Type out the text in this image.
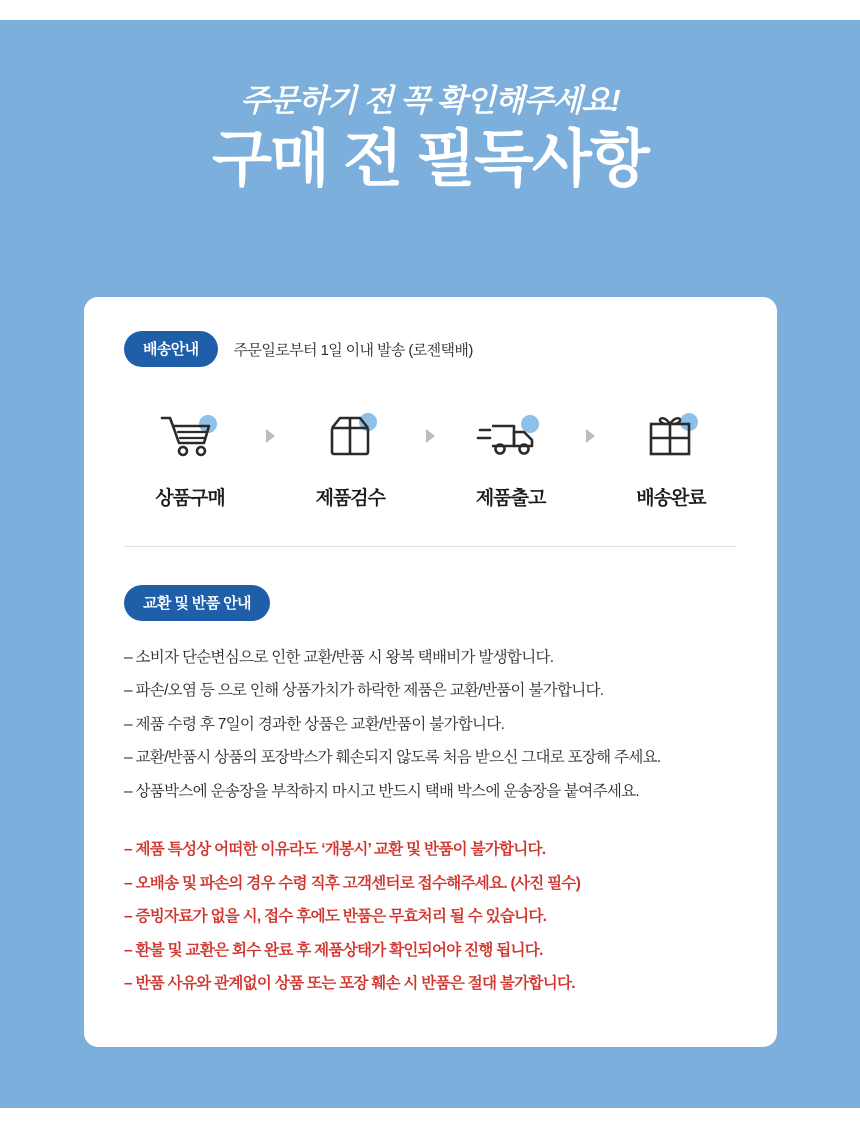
주문하기 전 꼭 확인해주세요!
구매 전 필독사항
배송안내	주문일로부터 1일 이내 발송 (로젠택배)
상품구매	제품검수	제품출고	배송완료
교환 및 반품 안내
– 소비자 단순변심으로 인한 교환/반품 시 왕복 택배비가 발생합니다.
– 파손/오염 등 으로 인해 상품가치가 하락한 제품은 교환/반품이 불가합니다.
– 제품 수령 후 7일이 경과한 상품은 교환/반품이 불가합니다.
– 교환/반품시 상품의 포장박스가 훼손되지 않도록 처음 받으신 그대로 포장해 주세요.
– 상품박스에 운송장을 부착하지 마시고 반드시 택배 박스에 운송장을 붙여주세요.
– 제품 특성상 어떠한 이유라도 ‘개봉시’ 교환 및 반품이 불가합니다.
– 오배송 및 파손의 경우 수령 직후 고객센터로 접수해주세요. (사진 필수)
– 증빙자료가 없을 시, 접수 후에도 반품은 무효처리 될 수 있습니다.
– 환불 및 교환은 회수 완료 후 제품상태가 확인되어야 진행 됩니다.
– 반품 사유와 관계없이 상품 또는 포장 훼손 시 반품은 절대 불가합니다.
